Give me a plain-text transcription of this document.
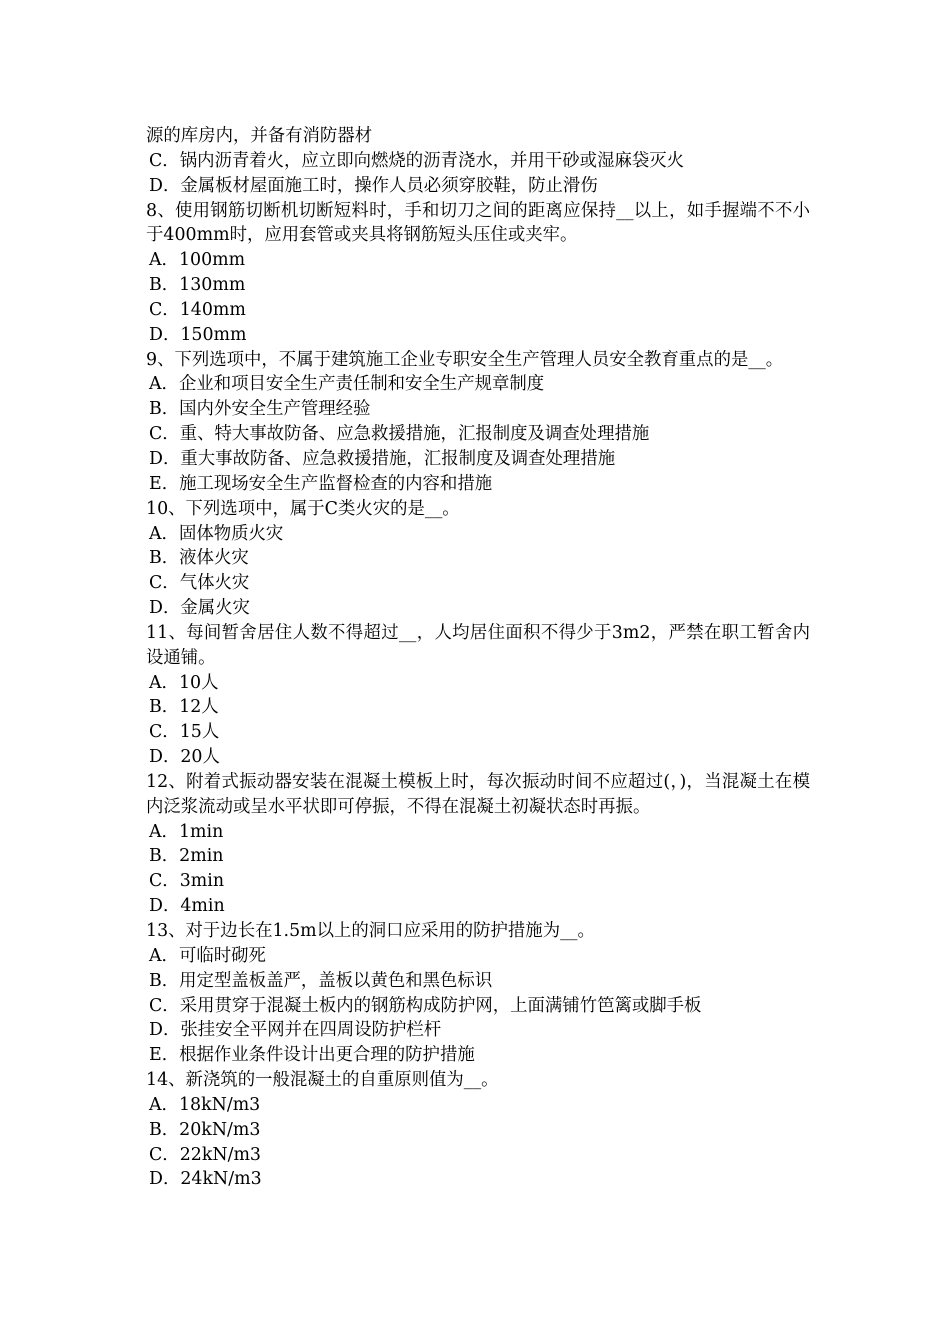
源的库房内，并备有消防器材
C．锅内沥青着火，应立即向燃烧的沥青浇水，并用干砂或湿麻袋灭火
D．金属板材屋面施工时，操作人员必须穿胶鞋，防止滑伤
8、使用钢筋切断机切断短料时，手和切刀之间的距离应保持__以上，如手握端不不小于400mm时，应用套管或夹具将钢筋短头压住或夹牢。
A．100mm
B．130mm
C．140mm
D．150mm
9、下列选项中，不属于建筑施工企业专职安全生产管理人员安全教育重点的是__。
A．企业和项目安全生产责任制和安全生产规章制度
B．国内外安全生产管理经验
C．重、特大事故防备、应急救援措施，汇报制度及调查处理措施
D．重大事故防备、应急救援措施，汇报制度及调查处理措施
E．施工现场安全生产监督检查的内容和措施
10、下列选项中，属于C类火灾的是__。
A．固体物质火灾
B．液体火灾
C．气体火灾
D．金属火灾
11、每间暂舍居住人数不得超过__，人均居住面积不得少于3m2，严禁在职工暂舍内设通铺。
A．10人
B．12人
C．15人
D．20人
12、附着式振动器安装在混凝土模板上时，每次振动时间不应超过(，)，当混凝土在模内泛浆流动或呈水平状即可停振，不得在混凝土初凝状态时再振。
A．1min
B．2min
C．3min
D．4min
13、对于边长在1.5m以上的洞口应采用的防护措施为__。
A．可临时砌死
B．用定型盖板盖严，盖板以黄色和黑色标识
C．采用贯穿于混凝土板内的钢筋构成防护网，上面满铺竹笆篱或脚手板
D．张挂安全平网并在四周设防护栏杆
E．根据作业条件设计出更合理的防护措施
14、新浇筑的一般混凝土的自重原则值为__。
A．18kN/m3
B．20kN/m3
C．22kN/m3
D．24kN/m3
